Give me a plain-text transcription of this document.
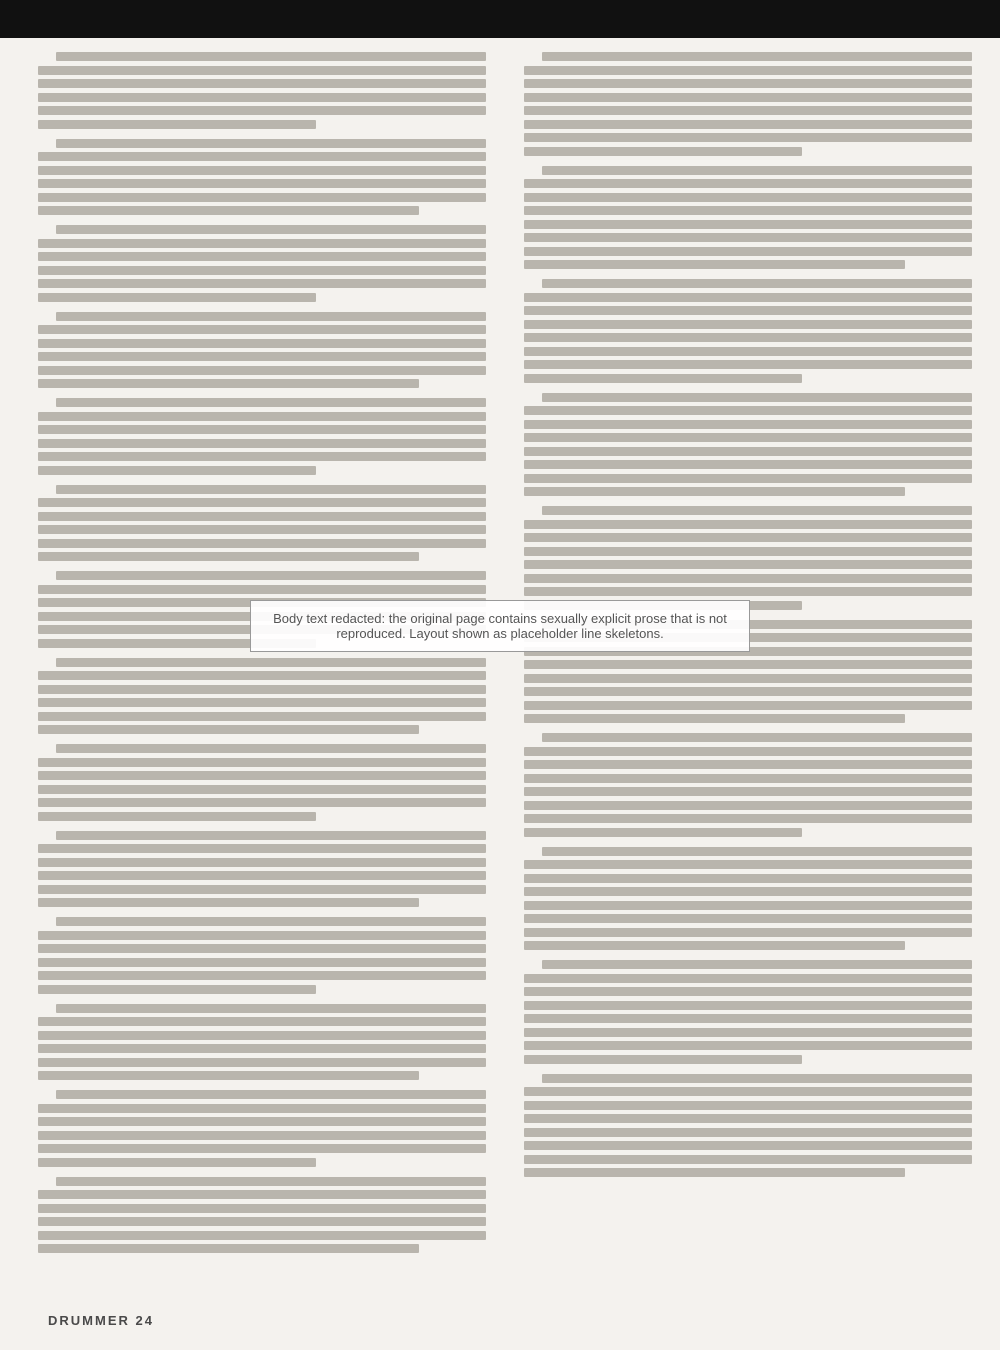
Body text redacted: the original page contains sexually explicit prose that is not reproduced. Layout shown as placeholder line skeletons.
DRUMMER 24
